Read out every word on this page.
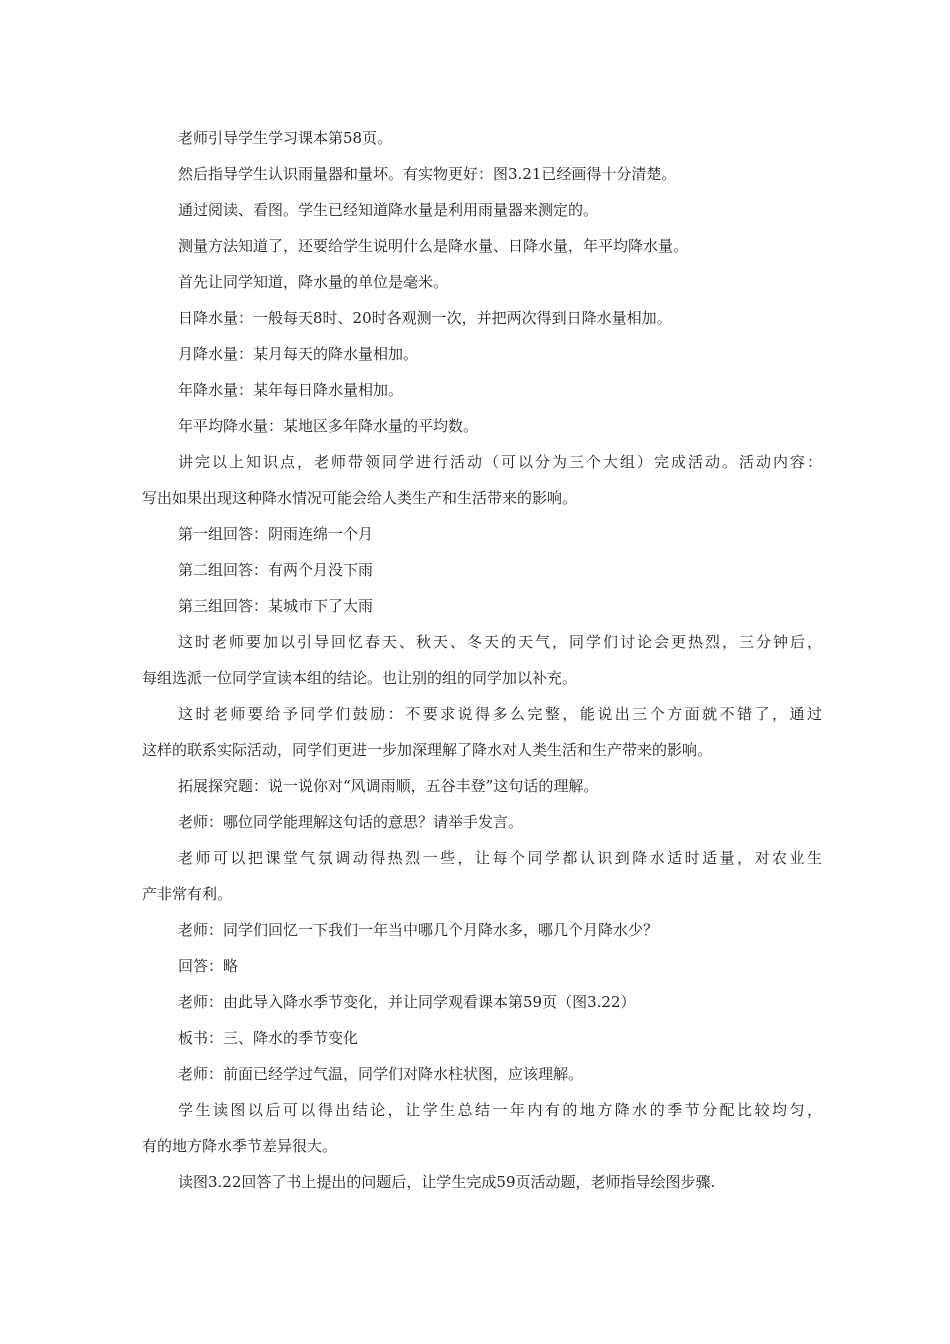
老师引导学生学习课本第58页。
然后指导学生认识雨量器和量坏。有实物更好：图3.21已经画得十分清楚。
通过阅读、看图。学生已经知道降水量是利用雨量器来测定的。
测量方法知道了，还要给学生说明什么是降水量、日降水量，年平均降水量。
首先让同学知道，降水量的单位是毫米。
日降水量：一般每天8时、20时各观测一次，并把两次得到日降水量相加。
月降水量：某月每天的降水量相加。
年降水量：某年每日降水量相加。
年平均降水量：某地区多年降水量的平均数。
讲完以上知识点，老师带领同学进行活动（可以分为三个大组）完成活动。活动内容：
写出如果出现这种降水情况可能会给人类生产和生活带来的影响。
第一组回答：阴雨连绵一个月
第二组回答：有两个月没下雨
第三组回答：某城市下了大雨
这时老师要加以引导回忆春天、秋天、冬天的天气，同学们讨论会更热烈，三分钟后，
每组选派一位同学宣读本组的结论。也让别的组的同学加以补充。
这时老师要给予同学们鼓励：不要求说得多么完整，能说出三个方面就不错了，通过
这样的联系实际活动，同学们更进一步加深理解了降水对人类生活和生产带来的影响。
拓展探究题：说一说你对“风调雨顺，五谷丰登”这句话的理解。
老师：哪位同学能理解这句话的意思？请举手发言。
老师可以把课堂气氛调动得热烈一些，让每个同学都认识到降水适时适量，对农业生
产非常有利。
老师：同学们回忆一下我们一年当中哪几个月降水多，哪几个月降水少？
回答：略
老师：由此导入降水季节变化，并让同学观看课本第59页（图3.22）
板书：三、降水的季节变化
老师：前面已经学过气温，同学们对降水柱状图，应该理解。
学生读图以后可以得出结论，让学生总结一年内有的地方降水的季节分配比较均匀，
有的地方降水季节差异很大。
读图3.22回答了书上提出的问题后，让学生完成59页活动题，老师指导绘图步骤.
